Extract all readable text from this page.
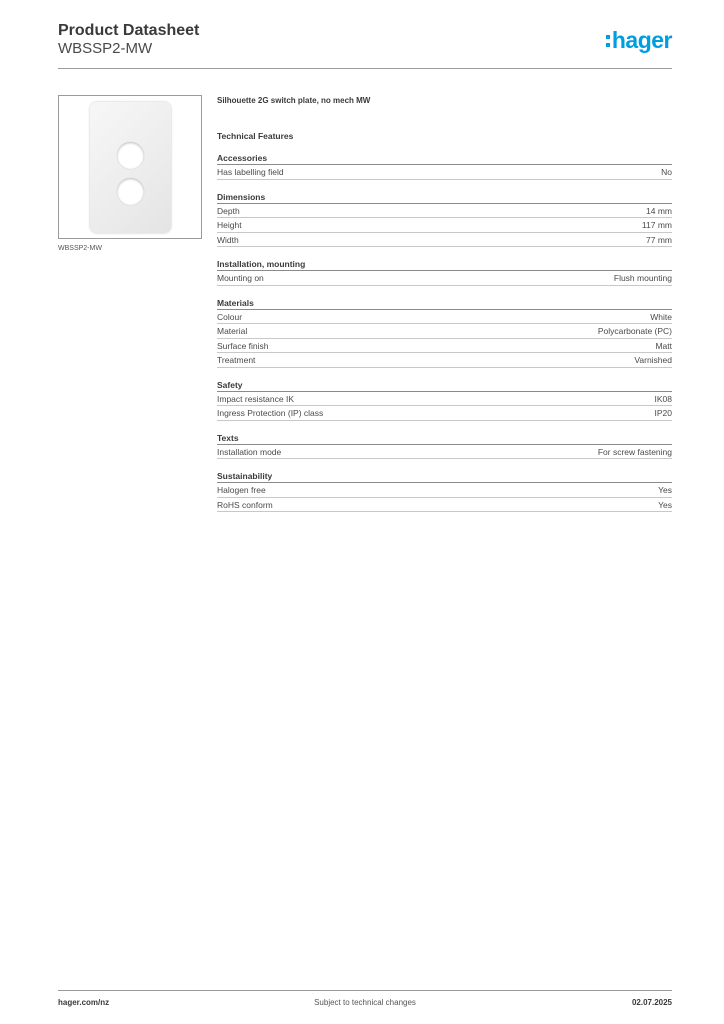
Product Datasheet
WBSSP2-MW	hager
WBSSP2-MW
Silhouette 2G switch plate, no mech MW
Technical Features
Accessories
Has labelling field	No
Dimensions
Depth	14 mm
Height	117 mm
Width	77 mm
Installation, mounting
Mounting on	Flush mounting
Materials
Colour	White
Material	Polycarbonate (PC)
Surface finish	Matt
Treatment	Varnished
Safety
Impact resistance IK	IK08
Ingress Protection (IP) class	IP20
Texts
Installation mode	For screw fastening
Sustainability
Halogen free	Yes
RoHS conform	Yes
hager.com/nz	Subject to technical changes	02.07.2025
